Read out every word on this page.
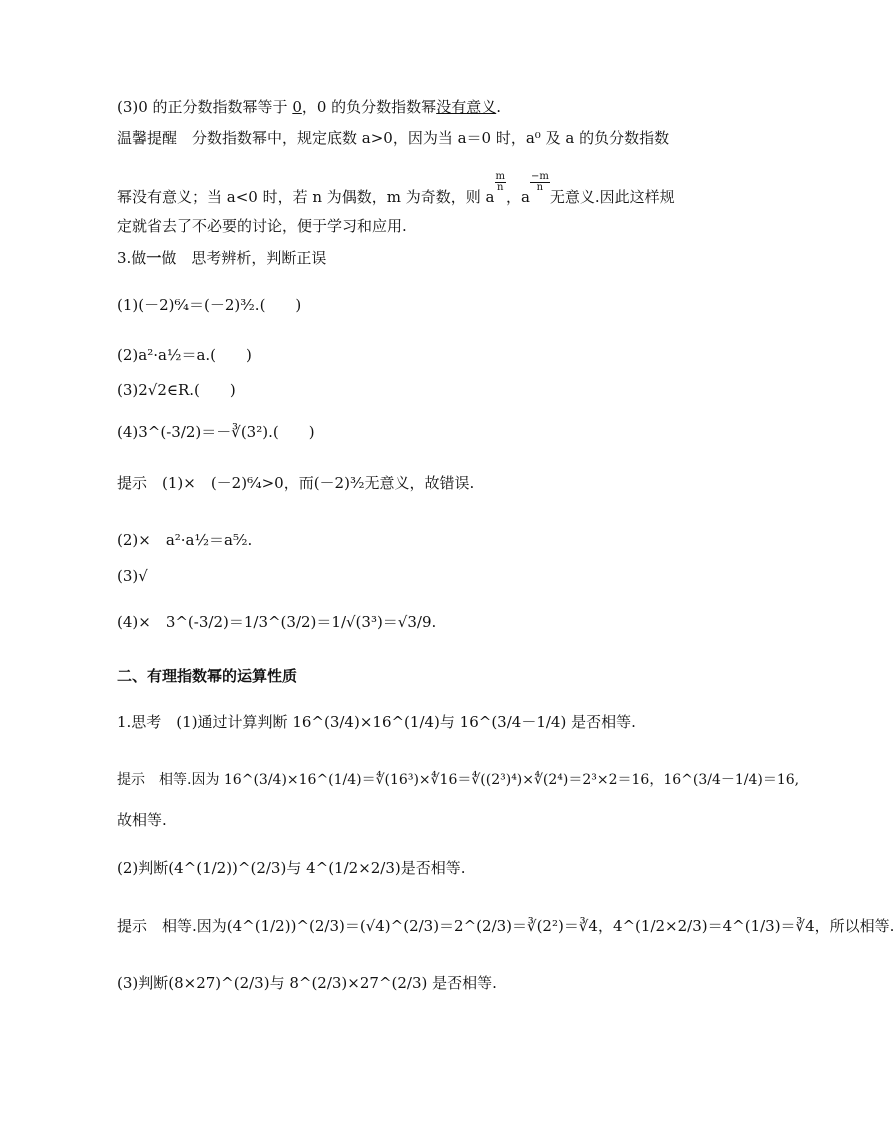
(3)0 的正分数指数幂等于 0，0 的负分数指数幂没有意义.
温馨提醒　分数指数幂中，规定底数 a>0，因为当 a＝0 时，a⁰ 及 a 的负分数指数
幂没有意义；当 a<0 时，若 n 为偶数，m 为奇数，则 a
$\frac{m}{n}$
，a
$\frac{-m}{n}$
无意义.因此这样规
定就省去了不必要的讨论，便于学习和应用.
3.做一做　思考辨析，判断正误
(1)(－2)⁶⁄₄＝(－2)³⁄₂.(　　)
(2)a²·a½＝a.(　　)
(3)2√2∈R.(　　)
(4)3^(-3/2)＝－∛(3²).(　　)
提示　(1)×　(－2)⁶⁄₄>0，而(－2)³⁄₂无意义，故错误.
(2)×　a²·a½＝a⁵⁄₂.
(3)√
(4)×　3^(-3/2)＝1/3^(3/2)＝1/√(3³)＝√3/9.
二、有理指数幂的运算性质
1.思考　(1)通过计算判断 16^(3/4)×16^(1/4)与 16^(3/4－1/4) 是否相等.
提示　相等.因为 16^(3/4)×16^(1/4)＝∜(16³)×∜16＝∜((2³)⁴)×∜(2⁴)＝2³×2＝16，16^(3/4－1/4)＝16,
故相等.
(2)判断(4^(1/2))^(2/3)与 4^(1/2×2/3)是否相等.
提示　相等.因为(4^(1/2))^(2/3)＝(√4)^(2/3)＝2^(2/3)＝∛(2²)＝∛4，4^(1/2×2/3)＝4^(1/3)＝∛4，所以相等.
(3)判断(8×27)^(2/3)与 8^(2/3)×27^(2/3) 是否相等.
